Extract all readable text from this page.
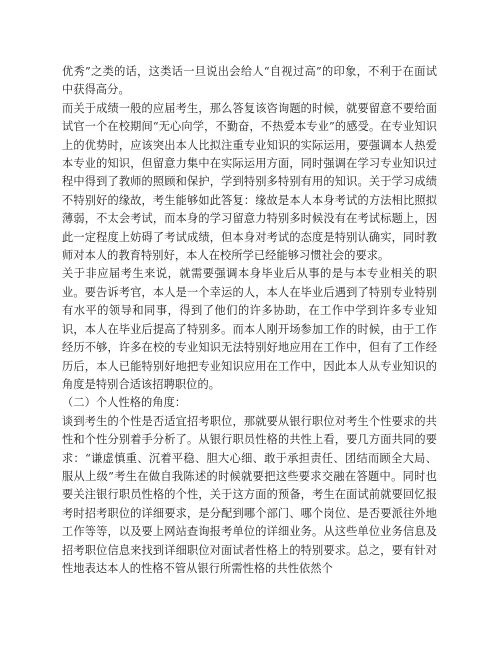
优秀”之类的话，这类话一旦说出会给人“自视过高”的印象，不利于在面试中获得高分。

而关于成绩一般的应届考生，那么答复该咨询题的时候，就要留意不要给面试官一个在校期间“无心向学，不勤奋，不热爱本专业”的感受。在专业知识上的优势时，应该突出本人比拟注重专业知识的实际运用，要强调本人热爱本专业的知识，但留意力集中在实际运用方面，同时强调在学习专业知识过程中得到了教师的照顾和保护，学到特别多特别有用的知识。关于学习成绩不特别好的缘故，考生能够如此答复：缘故是本人本身考试的方法相比照拟薄弱，不太会考试，而本身的学习留意力特别多时候没有在考试标题上，因此一定程度上妨碍了考试成绩，但本身对考试的态度是特别认确实，同时教师对本人的教育特别好，本人在校所学已经能够习惯社会的要求。

关于非应届考生来说，就需要强调本身毕业后从事的是与本专业相关的职业。要告诉考官，本人是一个幸运的人，本人在毕业后遇到了特别专业特别有水平的领导和同事，得到了他们的许多协助，在工作中学到许多专业知识，本人在毕业后提高了特别多。而本人刚开场参加工作的时候，由于工作经历不够，许多在校的专业知识无法特别好地应用在工作中，但有了工作经历后，本人已能特别好地把专业知识应用在工作中，因此本人从专业知识的角度是特别合适该招聘职位的。

（二）个人性格的角度：

谈到考生的个性是否适宜招考职位，那就要从银行职位对考生个性要求的共性和个性分别着手分析了。从银行职员性格的共性上看，要几方面共同的要求：“谦虚慎重、沉着平稳、胆大心细、敢于承担责任、团结而顾全大局、服从上级”考生在做自我陈述的时候就要把这些要求交融在答题中。同时也要关注银行职员性格的个性，关于这方面的预备，考生在面试前就要回忆报考时招考职位的详细要求，是分配到哪个部门、哪个岗位、是否要派往外地工作等等，以及要上网站查询报考单位的详细业务。从这些单位业务信息及招考职位信息来找到详细职位对面试者性格上的特别要求。总之，要有针对性地表达本人的性格不管从银行所需性格的共性依然个
